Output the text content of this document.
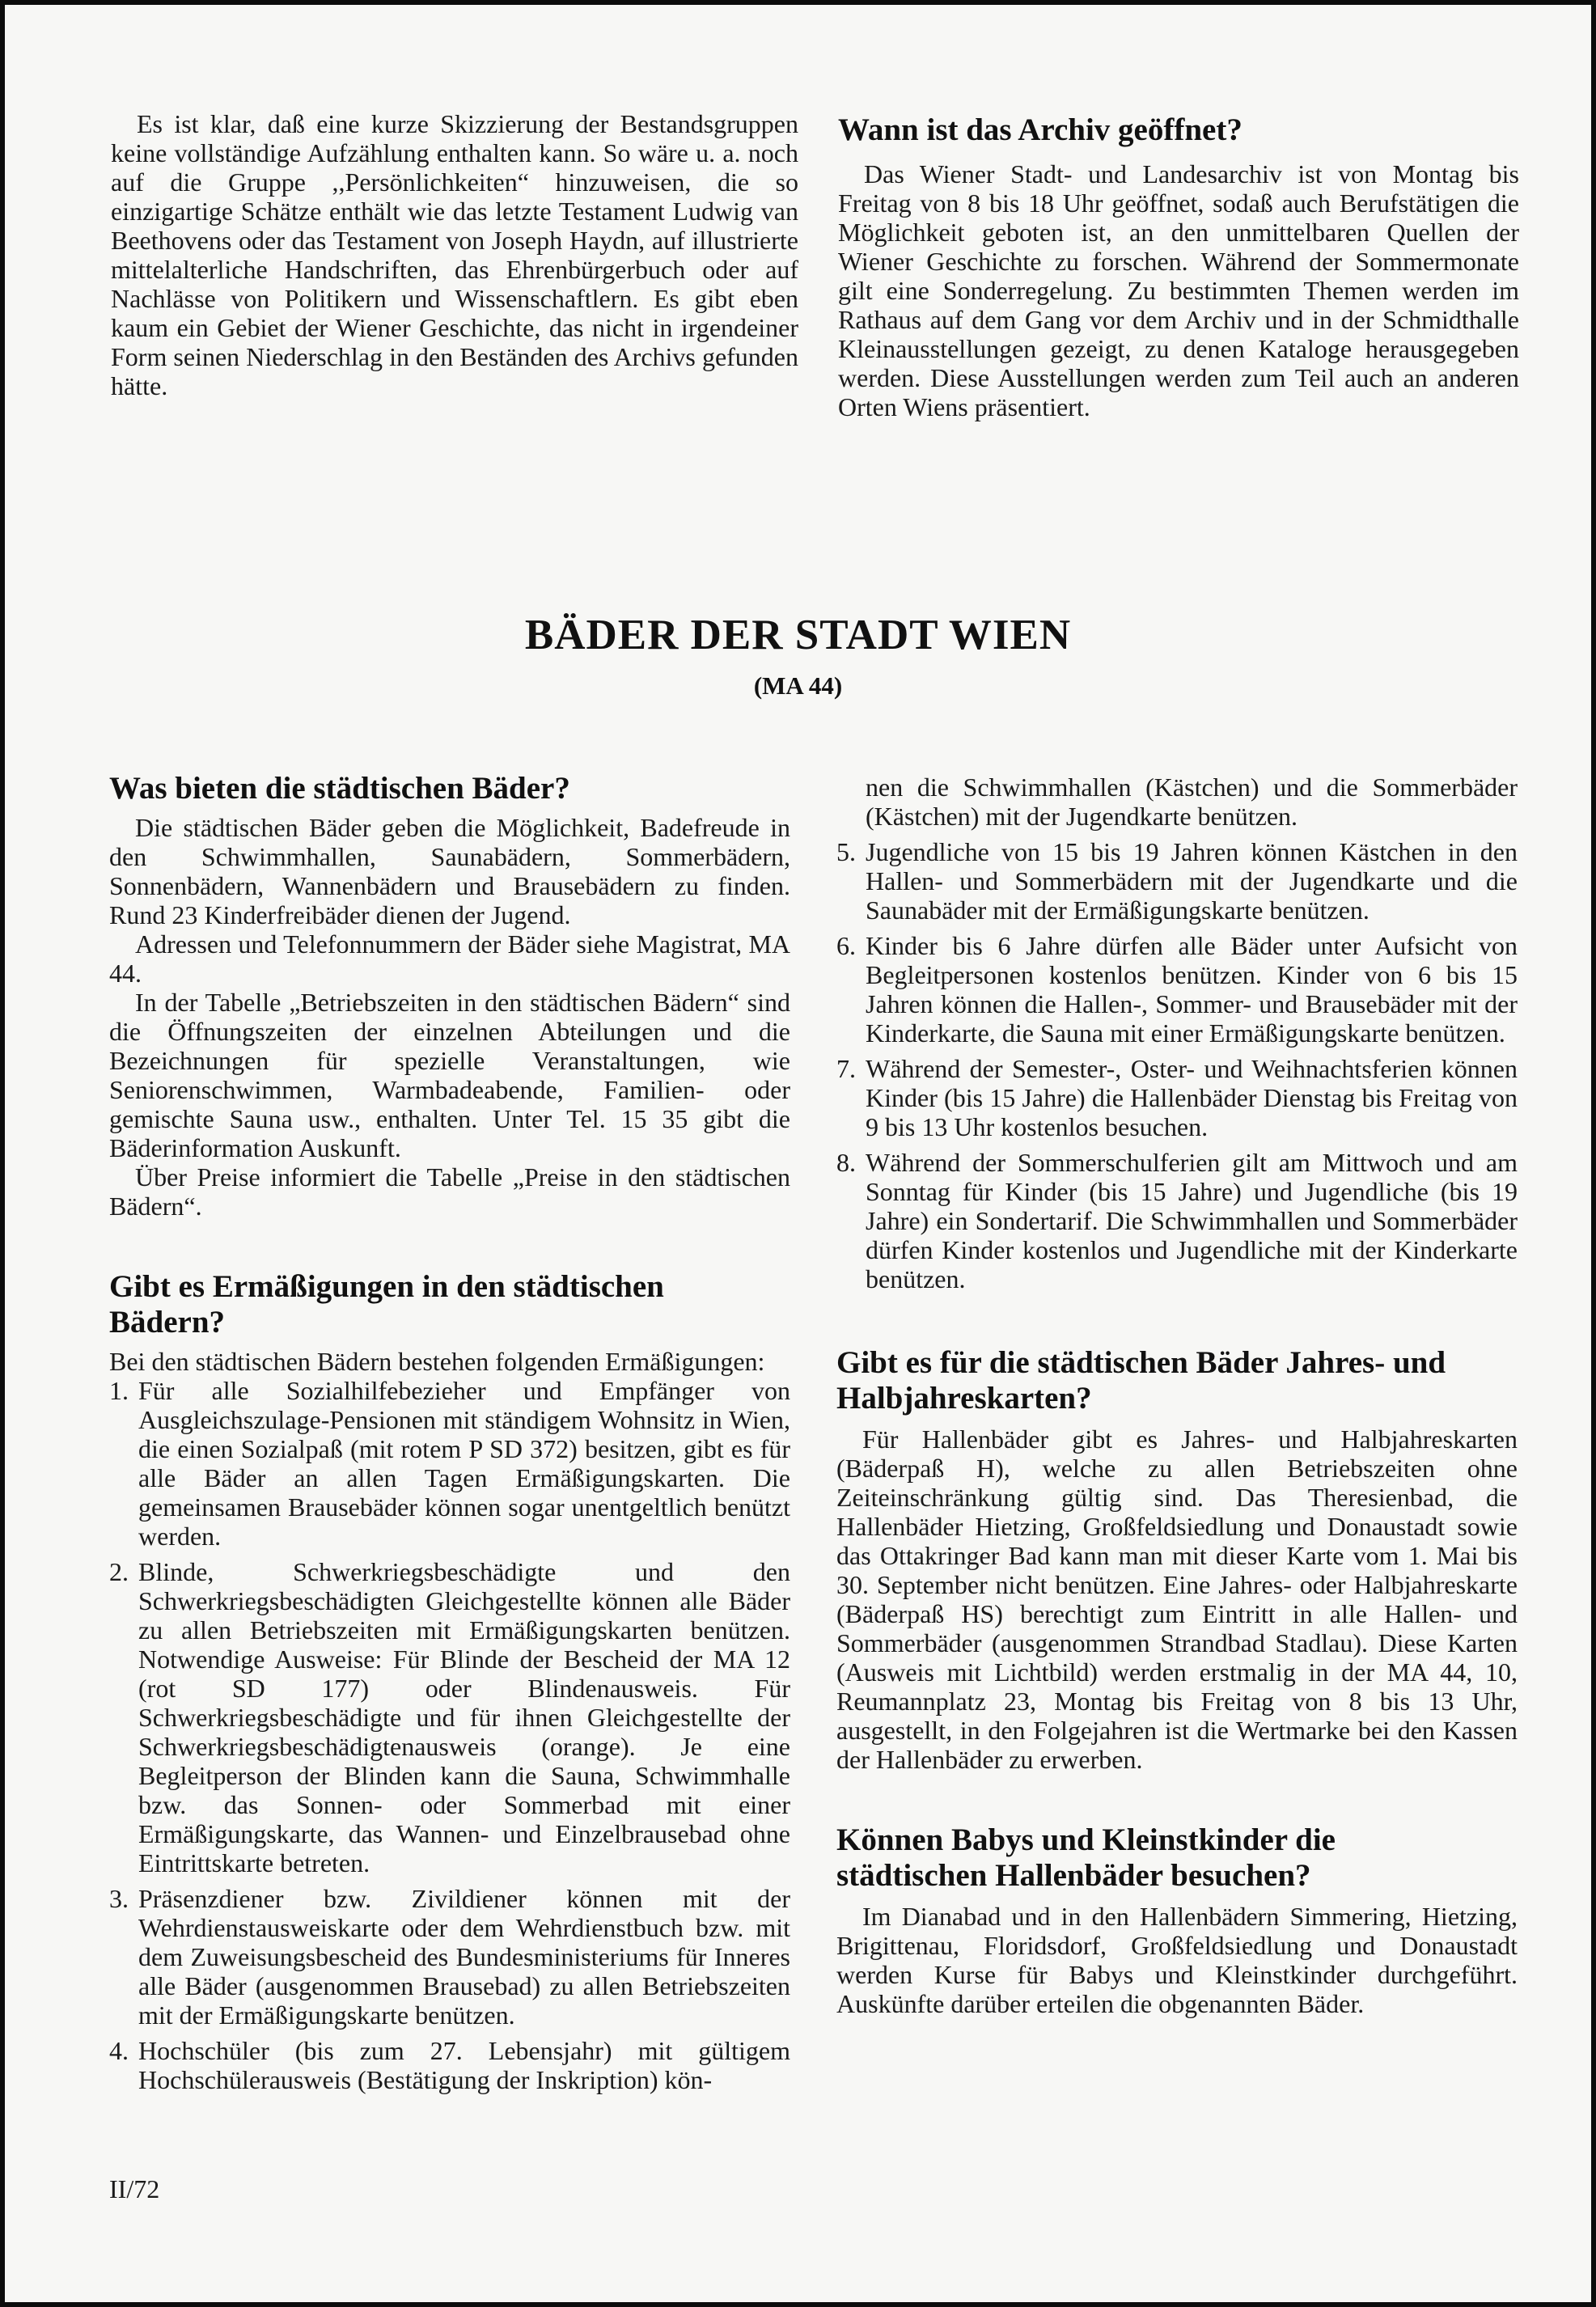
Es ist klar, daß eine kurze Skizzierung der Bestandsgruppen keine vollständige Aufzählung enthalten kann. So wäre u. a. noch auf die Gruppe ,,Persönlichkeiten“ hinzuweisen, die so einzigartige Schätze enthält wie das letzte Testament Ludwig van Beethovens oder das Testament von Joseph Haydn, auf illustrierte mittelalterliche Handschriften, das Ehrenbürgerbuch oder auf Nachlässe von Politikern und Wissenschaftlern. Es gibt eben kaum ein Gebiet der Wiener Geschichte, das nicht in irgendeiner Form seinen Niederschlag in den Beständen des Archivs gefunden hätte.

Wann ist das Archiv geöffnet?

Das Wiener Stadt- und Landesarchiv ist von Montag bis Freitag von 8 bis 18 Uhr geöffnet, sodaß auch Berufstätigen die Möglichkeit geboten ist, an den unmittelbaren Quellen der Wiener Geschichte zu forschen. Während der Sommermonate gilt eine Sonderregelung. Zu bestimmten Themen werden im Rathaus auf dem Gang vor dem Archiv und in der Schmidthalle Kleinausstellungen gezeigt, zu denen Kataloge herausgegeben werden. Diese Ausstellungen werden zum Teil auch an anderen Orten Wiens präsentiert.

BÄDER DER STADT WIEN
(MA 44)
Was bieten die städtischen Bäder?

Die städtischen Bäder geben die Möglichkeit, Badefreude in den Schwimmhallen, Saunabädern, Sommerbädern, Sonnenbädern, Wannenbädern und Brausebädern zu finden. Rund 23 Kinderfreibäder dienen der Jugend.

Adressen und Telefonnummern der Bäder siehe Magistrat, MA 44.

In der Tabelle „Betriebszeiten in den städtischen Bädern“ sind die Öffnungszeiten der einzelnen Abteilungen und die Bezeichnungen für spezielle Veranstaltungen, wie Seniorenschwimmen, Warmbadeabende, Familien- oder gemischte Sauna usw., enthalten. Unter Tel. 15 35 gibt die Bäderinformation Auskunft.

Über Preise informiert die Tabelle „Preise in den städtischen Bädern“.

Gibt es Ermäßigungen in den städtischen Bädern?

Bei den städtischen Bädern bestehen folgenden Ermäßigungen:

1. Für alle Sozialhilfebezieher und Empfänger von Ausgleichszulage-Pensionen mit ständigem Wohnsitz in Wien, die einen Sozialpaß (mit rotem P SD 372) besitzen, gibt es für alle Bäder an allen Tagen Ermäßigungskarten. Die gemeinsamen Brausebäder können sogar unentgeltlich benützt werden.
2. Blinde, Schwerkriegsbeschädigte und den Schwerkriegsbeschädigten Gleichgestellte können alle Bäder zu allen Betriebszeiten mit Ermäßigungskarten benützen. Notwendige Ausweise: Für Blinde der Bescheid der MA 12 (rot SD 177) oder Blindenausweis. Für Schwerkriegsbeschädigte und für ihnen Gleichgestellte der Schwerkriegsbeschädigtenausweis (orange). Je eine Begleitperson der Blinden kann die Sauna, Schwimmhalle bzw. das Sonnen- oder Sommerbad mit einer Ermäßigungskarte, das Wannen- und Einzelbrausebad ohne Eintrittskarte betreten.
3. Präsenzdiener bzw. Zivildiener können mit der Wehrdienstausweiskarte oder dem Wehrdienstbuch bzw. mit dem Zuweisungsbescheid des Bundesministeriums für Inneres alle Bäder (ausgenommen Brausebad) zu allen Betriebszeiten mit der Ermäßigungskarte benützen.
4. Hochschüler (bis zum 27. Lebensjahr) mit gültigem Hochschülerausweis (Bestätigung der Inskription) kön-

nen die Schwimmhallen (Kästchen) und die Sommerbäder (Kästchen) mit der Jugendkarte benützen.

5. Jugendliche von 15 bis 19 Jahren können Kästchen in den Hallen- und Sommerbädern mit der Jugendkarte und die Saunabäder mit der Ermäßigungskarte benützen.
6. Kinder bis 6 Jahre dürfen alle Bäder unter Aufsicht von Begleitpersonen kostenlos benützen. Kinder von 6 bis 15 Jahren können die Hallen-, Sommer- und Brausebäder mit der Kinderkarte, die Sauna mit einer Ermäßigungskarte benützen.
7. Während der Semester-, Oster- und Weihnachtsferien können Kinder (bis 15 Jahre) die Hallenbäder Dienstag bis Freitag von 9 bis 13 Uhr kostenlos besuchen.
8. Während der Sommerschulferien gilt am Mittwoch und am Sonntag für Kinder (bis 15 Jahre) und Jugendliche (bis 19 Jahre) ein Sondertarif. Die Schwimmhallen und Sommerbäder dürfen Kinder kostenlos und Jugendliche mit der Kinderkarte benützen.
Gibt es für die städtischen Bäder Jahres- und Halbjahreskarten?

Für Hallenbäder gibt es Jahres- und Halbjahreskarten (Bäderpaß H), welche zu allen Betriebszeiten ohne Zeiteinschränkung gültig sind. Das Theresienbad, die Hallenbäder Hietzing, Großfeldsiedlung und Donaustadt sowie das Ottakringer Bad kann man mit dieser Karte vom 1. Mai bis 30. September nicht benützen. Eine Jahres- oder Halbjahreskarte (Bäderpaß HS) berechtigt zum Eintritt in alle Hallen- und Sommerbäder (ausgenommen Strandbad Stadlau). Diese Karten (Ausweis mit Lichtbild) werden erstmalig in der MA 44, 10, Reumannplatz 23, Montag bis Freitag von 8 bis 13 Uhr, ausgestellt, in den Folgejahren ist die Wertmarke bei den Kassen der Hallenbäder zu erwerben.

Können Babys und Kleinstkinder die städtischen Hallenbäder besuchen?

Im Dianabad und in den Hallenbädern Simmering, Hietzing, Brigittenau, Floridsdorf, Großfeldsiedlung und Donaustadt werden Kurse für Babys und Kleinstkinder durchgeführt. Auskünfte darüber erteilen die obgenannten Bäder.

II/72
